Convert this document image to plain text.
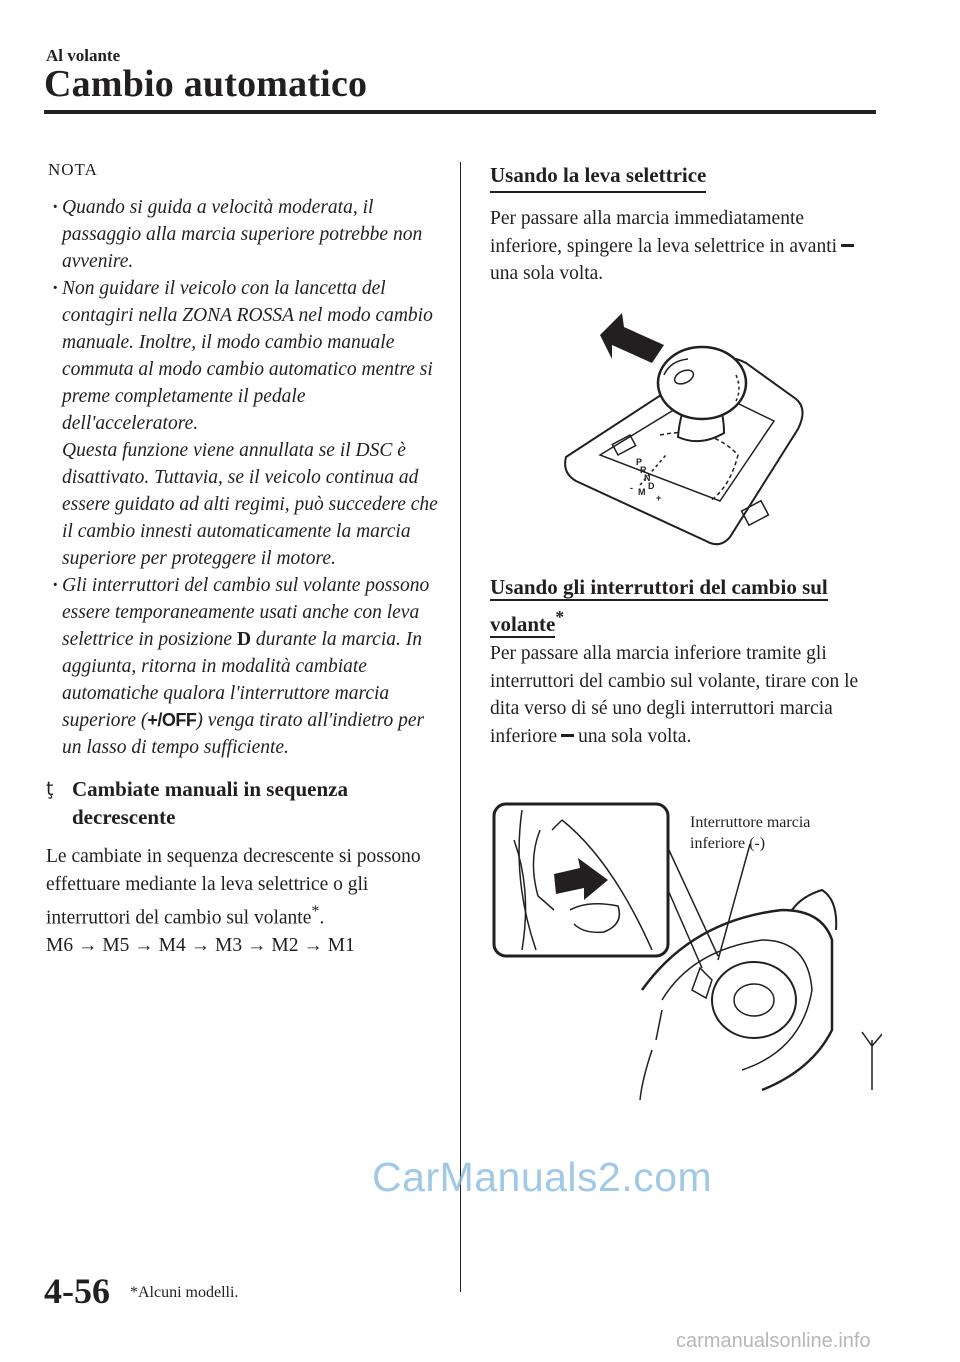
Al volante
Cambio automatico
NOTA
· Quando si guida a velocità moderata, il passaggio alla marcia superiore potrebbe non avvenire.
· Non guidare il veicolo con la lancetta del contagiri nella ZONA ROSSA nel modo cambio manuale. Inoltre, il modo cambio manuale commuta al modo cambio automatico mentre si preme completamente il pedale dell'acceleratore.
Questa funzione viene annullata se il DSC è disattivato. Tuttavia, se il veicolo continua ad essere guidato ad alti regimi, può succedere che il cambio innesti automaticamente la marcia superiore per proteggere il motore.
· Gli interruttori del cambio sul volante possono essere temporaneamente usati anche con leva selettrice in posizione D durante la marcia. In aggiunta, ritorna in modalità cambiate automatiche qualora l'interruttore marcia superiore (+/OFF) venga tirato all'indietro per un lasso di tempo sufficiente.
ţ Cambiate manuali in sequenza decrescente
Le cambiate in sequenza decrescente si possono effettuare mediante la leva selettrice o gli interruttori del cambio sul volante*.
M6 → M5 → M4 → M3 → M2 → M1
Usando la leva selettrice
Per passare alla marcia immediatamente inferiore, spingere la leva selettrice in avantiuna sola volta.
P
R
N
D
M
+
-
Usando gli interruttori del cambio sul volante*
Per passare alla marcia inferiore tramite gli interruttori del cambio sul volante, tirare con le dita verso di sé uno degli interruttori marcia inferiore una sola volta.
Interruttore marcia
inferiore (-)
CarManuals2.com
4-56 *Alcuni modelli.
carmanualsonline.info
